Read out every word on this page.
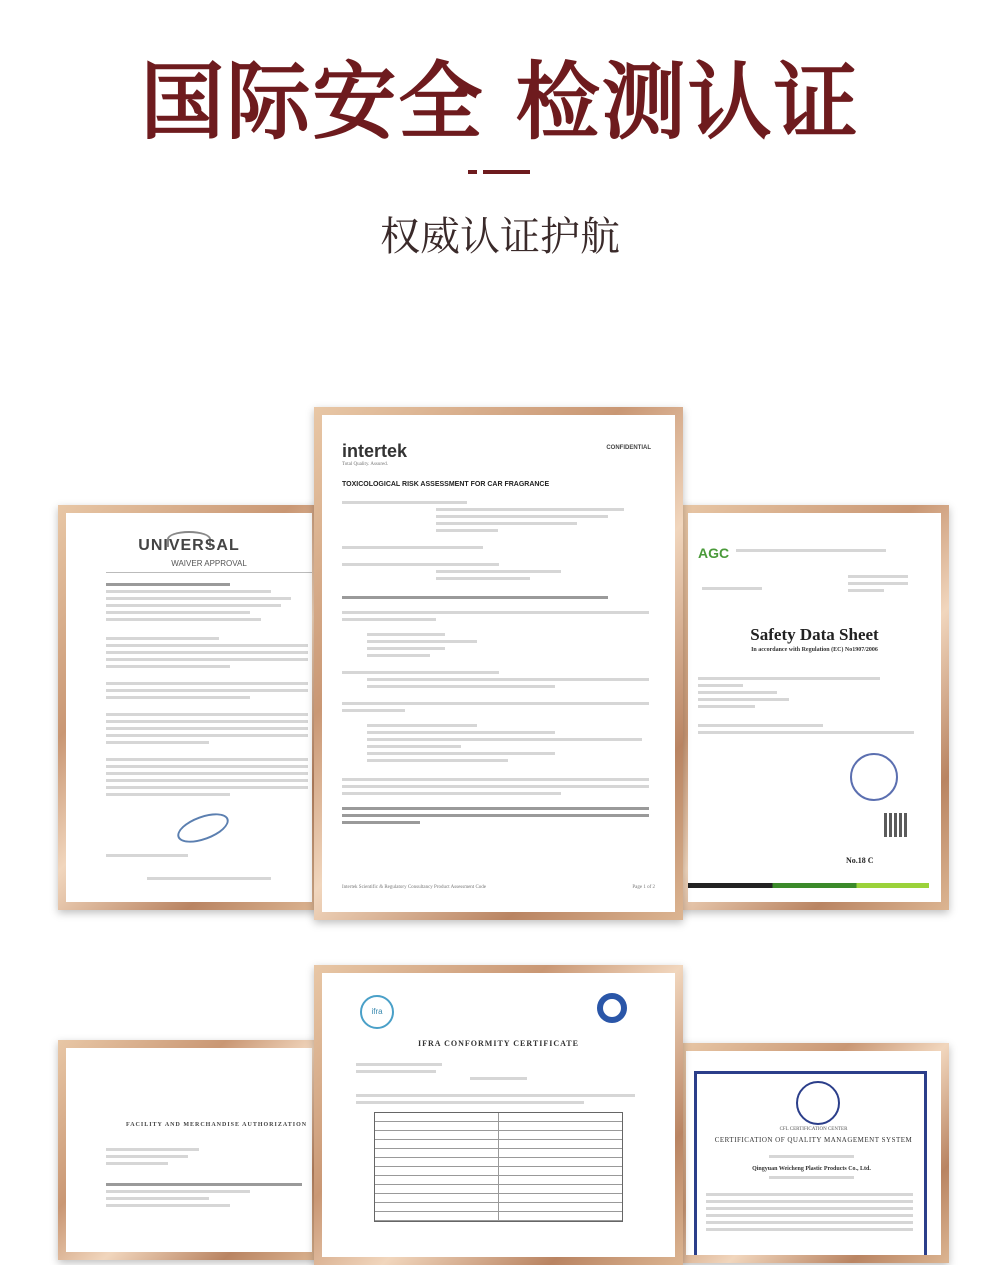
国际安全 检测认证
权威认证护航
UNIVERSAL
WAIVER APPROVAL
intertek
Total Quality. Assured.
CONFIDENTIAL
TOXICOLOGICAL RISK ASSESSMENT FOR CAR FRAGRANCE
Intertek Scientific & Regulatory Consultancy Product Assessment Code	Page 1 of 2
AGC
Safety Data Sheet
In accordance with Regulation (EC) No1907/2006
No.18 C
FACILITY AND MERCHANDISE AUTHORIZATION
ifra
IFRA CONFORMITY CERTIFICATE
CFL CERTIFICATION CENTER
CERTIFICATION OF QUALITY MANAGEMENT SYSTEM
Qingyuan Weicheng Plastic Products Co., Ltd.
